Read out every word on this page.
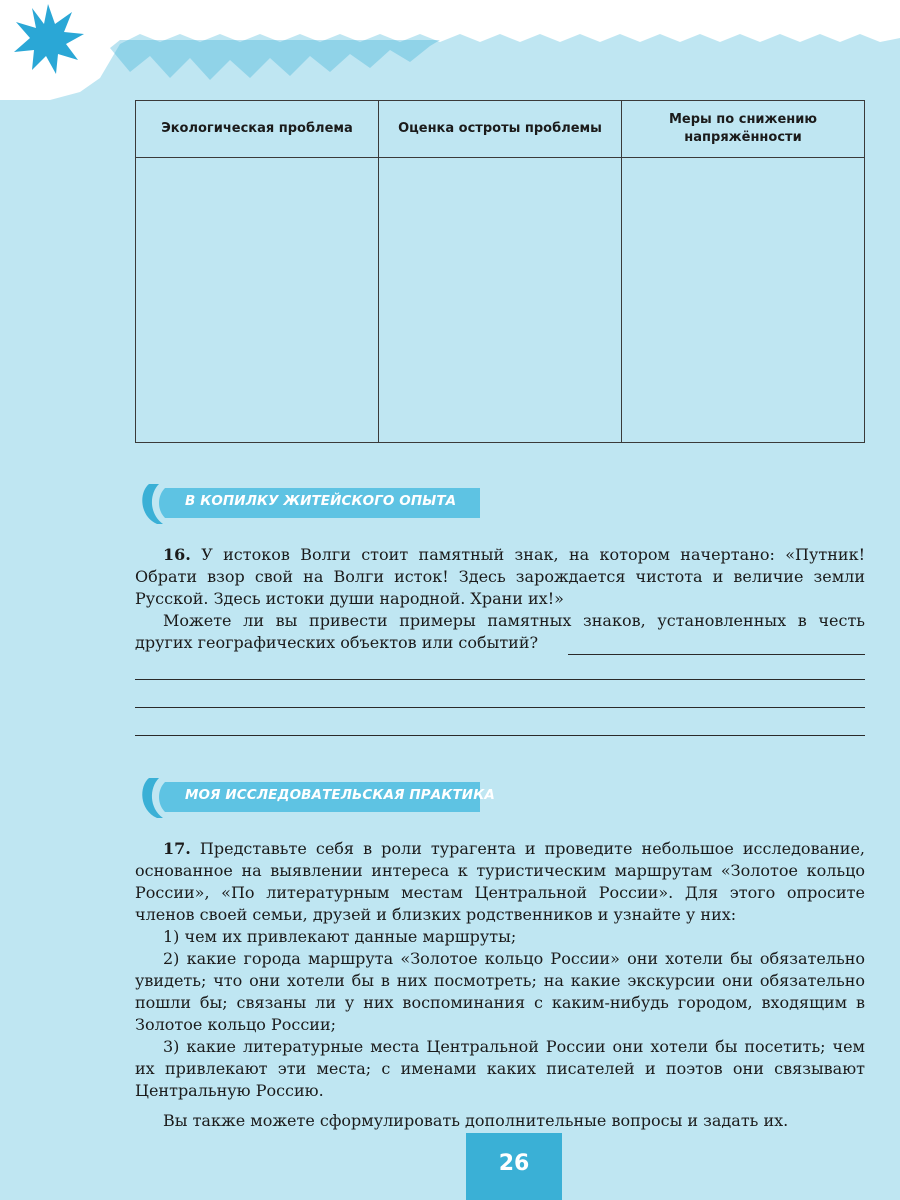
Экологическая проблема	Оценка остроты проблемы	Меры по снижению напряжённости

В КОПИЛКУ ЖИТЕЙСКОГО ОПЫТА

16. У истоков Волги стоит памятный знак, на котором начертано: «Путник! Обрати взор свой на Волги исток! Здесь зарождается чистота и величие земли Русской. Здесь истоки души народной. Храни их!»

Можете ли вы привести примеры памятных знаков, установленных в честь других географических объектов или событий?

МОЯ ИССЛЕДОВАТЕЛЬСКАЯ ПРАКТИКА

17. Представьте себя в роли турагента и проведите небольшое исследование, основанное на выявлении интереса к туристическим маршрутам «Золотое кольцо России», «По литературным местам Центральной России». Для этого опросите членов своей семьи, друзей и близких родственников и узнайте у них:

1) чем их привлекают данные маршруты;

2) какие города маршрута «Золотое кольцо России» они хотели бы обязательно увидеть; что они хотели бы в них посмотреть; на какие экскурсии они обязательно пошли бы; связаны ли у них воспоминания с каким-нибудь городом, входящим в Золотое кольцо России;

3) какие литературные места Центральной России они хотели бы посетить; чем их привлекают эти места; с именами каких писателей и поэтов они связывают Центральную Россию.

Вы также можете сформулировать дополнительные вопросы и задать их.

26
